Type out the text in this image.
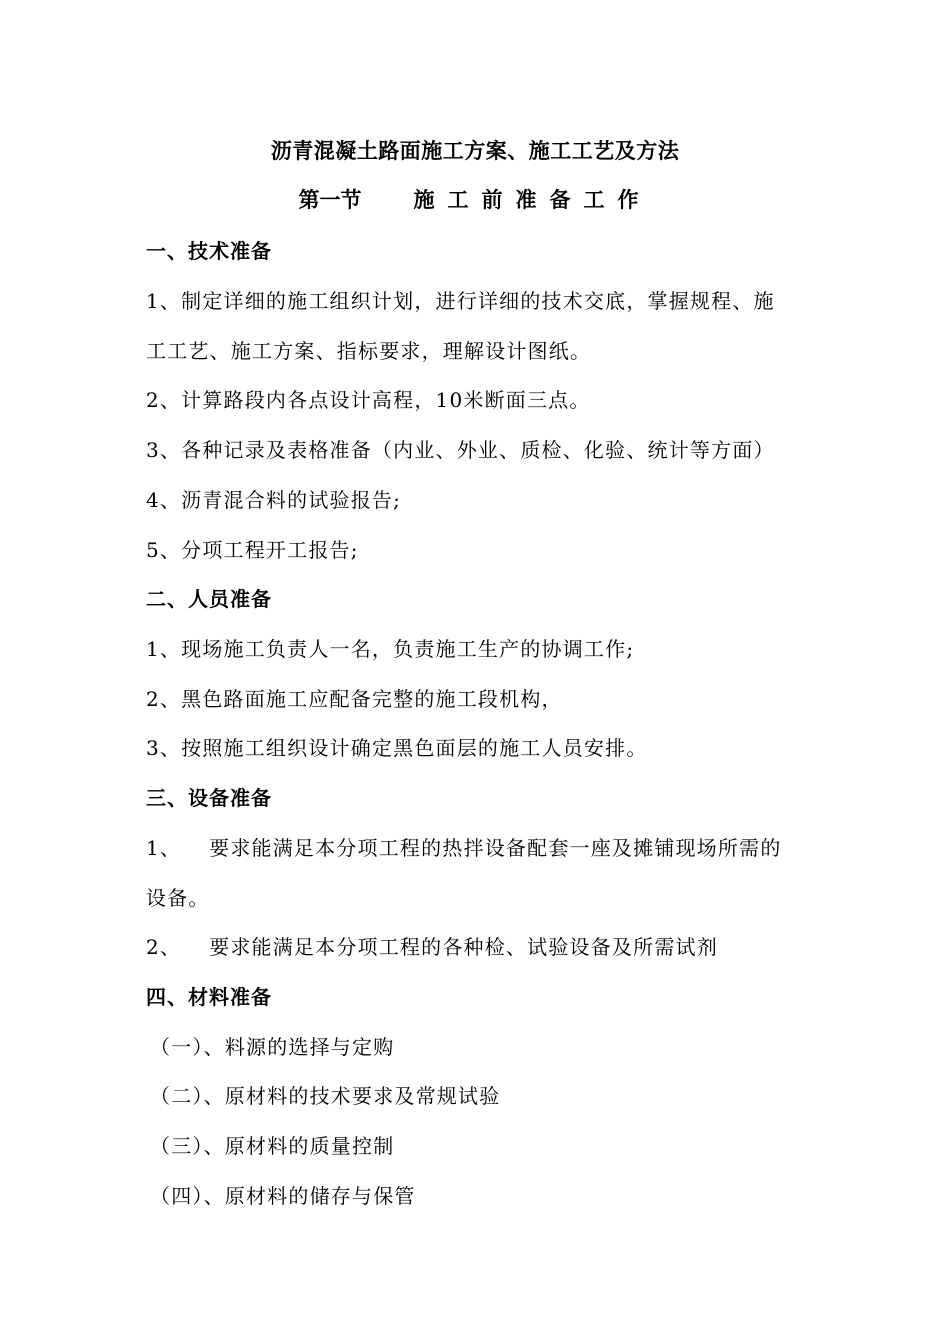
沥青混凝土路面施工方案、施工工艺及方法
第一节 施工前准备工作
一、技术准备
1、制定详细的施工组织计划，进行详细的技术交底，掌握规程、施
工工艺、施工方案、指标要求，理解设计图纸。
2、计算路段内各点设计高程，10米断面三点。
3、各种记录及表格准备（内业、外业、质检、化验、统计等方面）
4、沥青混合料的试验报告;
5、分项工程开工报告;
二、人员准备
1、现场施工负责人一名，负责施工生产的协调工作;
2、黑色路面施工应配备完整的施工段机构，
3、按照施工组织设计确定黑色面层的施工人员安排。
三、设备准备
1、 要求能满足本分项工程的热拌设备配套一座及摊铺现场所需的
设备。
2、 要求能满足本分项工程的各种检、试验设备及所需试剂
四、材料准备
（一）、料源的选择与定购
（二）、原材料的技术要求及常规试验
（三）、原材料的质量控制
（四）、原材料的储存与保管
